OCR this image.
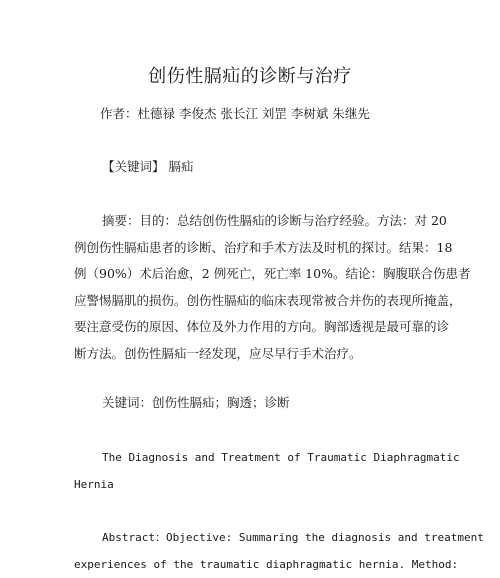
创伤性膈疝的诊断与治疗
作者：杜德禄 李俊杰 张长江 刘罡 李树斌 朱继先
【关键词】 膈疝

摘要：目的：总结创伤性膈疝的诊断与治疗经验。方法：对 20

例创伤性膈疝患者的诊断、治疗和手术方法及时机的探讨。结果：18

例（90%）术后治愈，2 例死亡，死亡率 10%。结论：胸腹联合伤患者

应警惕膈肌的损伤。创伤性膈疝的临床表现常被合并伤的表现所掩盖，

要注意受伤的原因、体位及外力作用的方向。胸部透视是最可靠的诊

断方法。创伤性膈疝一经发现，应尽早行手术治疗。

关键词：创伤性膈疝；胸透；诊断

The Diagnosis and Treatment of Traumatic Diaphragmatic

Hernia

Abstract：Objective: Summaring the diagnosis and treatment

experiences of the traumatic diaphragmatic hernia. Method:
